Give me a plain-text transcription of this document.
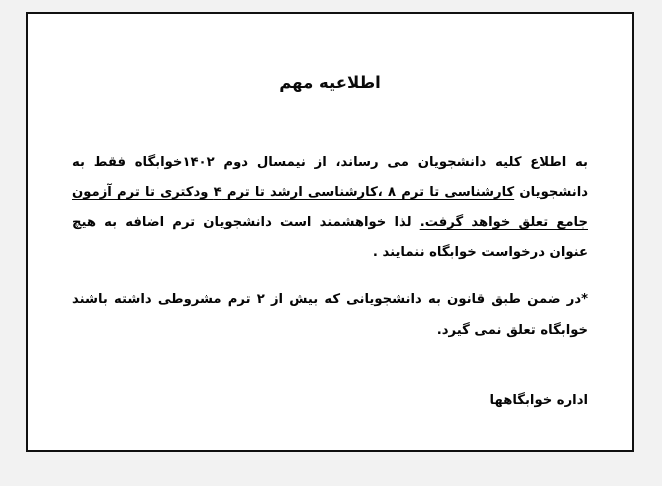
اطلاعیه مهم

به اطلاع کلیه دانشجویان می رساند، از نیمسال دوم ۱۴۰۲خوابگاه فقط به دانشجویان کارشناسی تا ترم ۸ ،کارشناسی ارشد تا ترم ۴ ودکتری تا ترم آزمون جامع تعلق خواهد گرفت. لذا خواهشمند است دانشجویان ترم اضافه به هیچ عنوان درخواست خوابگاه ننمایند .

*در ضمن طبق قانون به دانشجویانی که بیش از ۲ ترم مشروطی داشته باشند خوابگاه تعلق نمی گیرد.

اداره خوابگاهها
